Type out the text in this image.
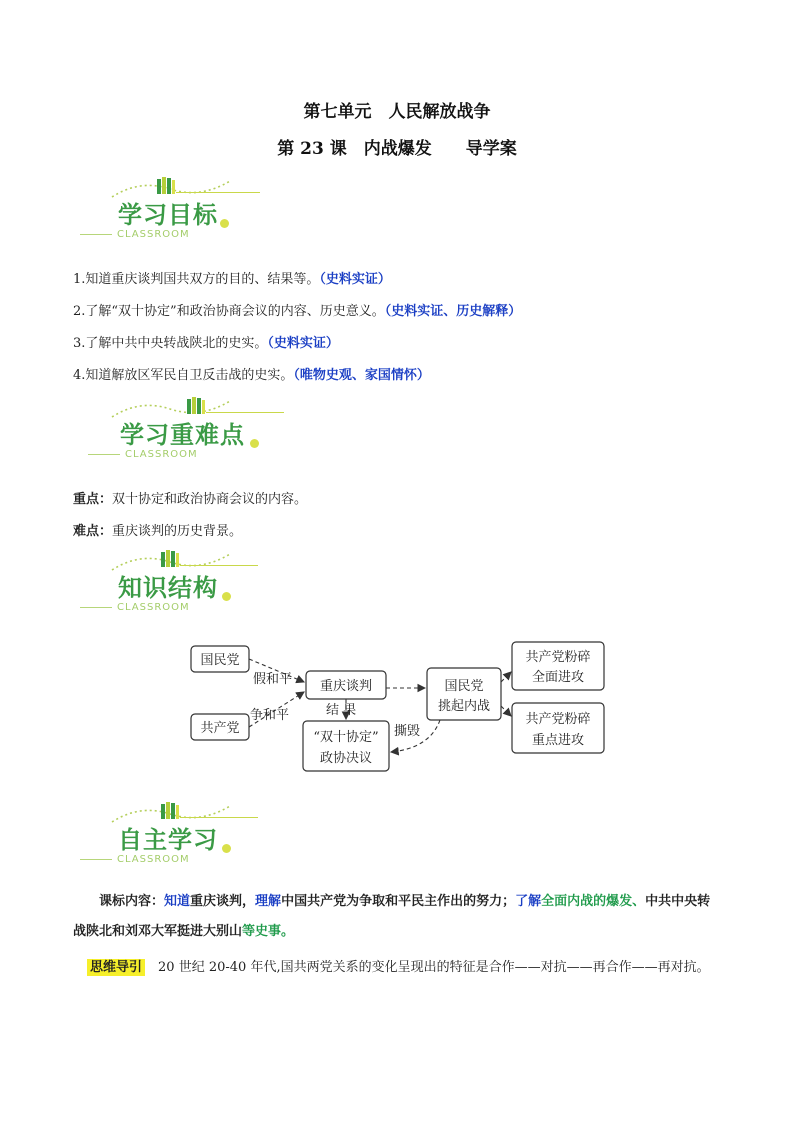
第七单元　人民解放战争
第 23 课　内战爆发　　导学案
学习目标
CLASSROOM
1.知道重庆谈判国共双方的目的、结果等。（史料实证）
2.了解“双十协定”和政治协商会议的内容、历史意义。（史料实证、历史解释）
3.了解中共中央转战陕北的史实。（史料实证）
4.知道解放区军民自卫反击战的史实。（唯物史观、家国情怀）
学习重难点
CLASSROOM
重点：双十协定和政治协商会议的内容。
难点：重庆谈判的历史背景。
知识结构
CLASSROOM
国民党
共产党
假和平
争和平
重庆谈判
结 果
“双十协定”
政协决议
撕毁
国民党
挑起内战
共产党粉碎
全面进攻
共产党粉碎
重点进攻
自主学习
CLASSROOM
课标内容：知道重庆谈判，理解中国共产党为争取和平民主作出的努力；了解全面内战的爆发、中共中央转战陕北和刘邓大军挺进大别山等史事。
思维导引　 20 世纪 20-40 年代,国共两党关系的变化呈现出的特征是合作——对抗——再合作——再对抗。
